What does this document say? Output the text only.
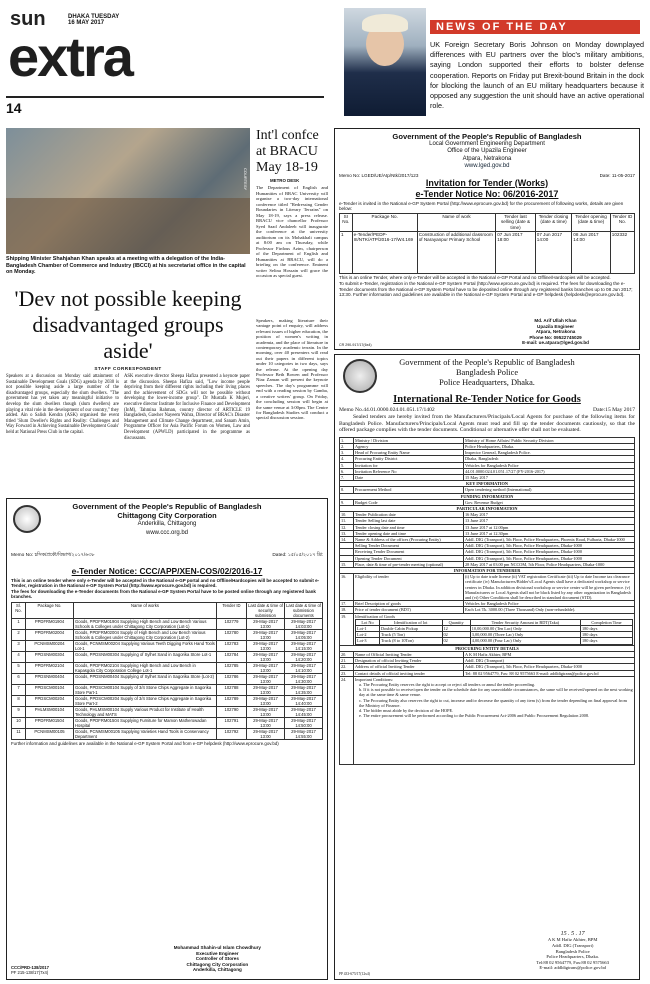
sun
extra
DHAKA TUESDAY
16 MAY 2017
14
NEWS OF THE DAY
UK Foreign Secretary Boris Johnson on Monday downplayed differences with EU partners over the bloc's military ambitions, saying London supported their efforts to bolster defense cooperation. Reports on Friday put Brexit-bound Britain in the dock for blocking the launch of an EU military headquarters because it opposed any suggestion the unit should have an active operational role.
COURTESY
Shipping Minister Shahjahan Khan speaks at a meeting with a delegation of the India-Bangladesh Chamber of Commerce and Industry (IBCCI) at his secretariat office in the capital on Monday.
'Dev not possible keeping disadvantaged groups aside'
STAFF CORRESPONDENT
Speakers at a discussion on Monday said attainment of Sustainable Development Goals (SDG) agenda by 2030 is not possible keeping aside a large number of the disadvantaged groups, especially the slum dwellers. "The government has yet taken any meaningful initiative to develop the slum dwellers though (slum dwellers) are playing a vital role in the development of our country," they added. Ain o Salish Kendra (ASK) organised the event titled 'Slum Dweller's Rights and Reality: Challenges and Way Forward in Achieving Sustainable Development Goals' held at National Press Club in the capital.
ASK executive director Sheepa Hafiza presented a keynote paper at the discussion. Sheepa Hafiza said, "Low income people depriving from their different rights including their living places and the achievement of SDGs will not be possible without developing the lower-income group". Dr Mustafa K Mujeri, executive director Institute for Inclusive Finance and Development (InM), Tahmina Rahman, country director of ARTICLE 19 Bangladesh, Gawher Nayeem Wahra, Director of BRAC's Disaster Management and Climate Change department, and Sanam Amin, Programme Officer for Asia Pacific Forum on Women, Law and Development (APWLD) participated in the programme as discussants.
Int'l confce
at BRACU
May 18-19
METRO DESK
The Department of English and Humanities of BRAC University will organise a two-day international conference titled "Redressing Gender Boundaries in Literary Terrains" on May 18-19, says a press release. BRACU vice chancellor Professor Syed Saad Andaleeb will inaugurate the conference at the university auditorium on its Mohakhali campus at 8:00 am on Thursday, while Professor Firdous Azim, chairperson of the Department of English and Humanities at BRACU, will do a briefing on the conference. Eminent writer Selina Hossain will grace the occasion as special guest.
Speakers, making literature their vantage point of enquiry, will address relevant issues of higher education, the position of women's writing in academia, and the place of literature in contemporary academic terrain. In the morning, over 40 presenters will read out their papers in different topics under 10 categories in two days, says the release. At the opening day Professor Beth Bowen and Professor Niaz Zaman will present the keynote speeches. The day's programme will end with a reading session by Gamba, a creative writers' group. On Friday, the concluding session will begin at the same venue at 3:00pm. The Centre for Bangladesh Studies will conduct a special discussion session.
Government of the People's Republic of Bangladesh
Local Government Engineering Department
Office of the Upazila Engineer
Atpara, Netrakona
www.lged.gov.bd
Memo No: LGED/UE/Atp/Ntk/2017/123	Date: 11-05-2017
Invitation for Tender (Works)
e-Tender Notice No: 06/2016-2017
e-Tender is invited in the National e-GP System Portal (http://www.eprocure.gov.bd) for the procurement of following works, details are given below:
SI No.	Package No.	Name of work	Tender last selling (date & time)	Tender closing (date & time)	Tender opening (date & time)	Tender ID No.
1	e-Tender/PEDP-III/NTK/ATP/2016-17/W4.169	Construction of additional classroom of Narayanpur Primary School	07 Jun 2017 18:00	07 Jun 2017 14:00	08 Jun 2017 14:00	102332
This is an online Tender, where only e-Tender will be accepted in the National e-GP Portal and no Offline/Hardcopies will be accepted.
To submit e-Tender, registration in the National e-GP System Portal (http://www.eprocure.gov.bd) is required. The fees for downloading the e-Tender documents from the National e-GP System Portal have to be deposited online through any registered banks branches up to 08 Jun 2017; 13:30. Further information and guidelines are available in the National e-GP System Portal and e-GP helpdesk (helpdesk@eprocure.gov.bd).
Md. Arif Ullah Khan
Upazila Engineer
Atpara, Netrakona
Phone No: 09522745029
E-mail: ue.atpara@lged.gov.bd
CR 290-917/17(6x4)
Government of the People's Republic of Bangladesh
Bangladesh Police
Police Headquarters, Dhaka.
International Re-Tender Notice for Goods
Memo No.44.01.0000.024.01.051.17/1402	Date:15 May 2017
Sealed tenders are hereby invited from the Manufacturers/Principals/Local Agents for purchase of the following items for Bangladesh Police. Manufacturers/Principals/Local Agents must read and fill up the tender documents cautiously, so that the offered package complies with the tender documents. Conditional or alternative offer shall not be evaluated.
1.	Ministry / Division	Ministry of Home Affairs/ Public Security Division
2.	Agency	Police Headquarters, Dhaka.
3.	Head of Procuring Entity Name	Inspector General, Bangladesh Police.
4.	Procuring Entity District	Dhaka, Bangladesh
5.	Invitation for	Vehicles for Bangladesh Police
6.	Invitation Reference No	44.01.0000.024.01.051.17/27 (FY-2016-2017)
7.	Date	15 May 2017
KEY INFORMATION
8.	Procurement Method	Open tendering method (International)
FUNDING INFORMATION
9.	Budget Code	Gov. Revenue Budget
PARTICULAR INFORMATION
10.	Tender Publication date	16 May 2017
11.	Tender Selling last date	13 June 2017
12.	Tender closing date and time	13 June 2017 at 12.00pm
13.	Tender opening date and time	13 June 2017 at 12.30pm
14.	Name & Address of the offices (Procuring Entity)	Addl. DIG (Transport), 5th Floor, Police Headquarters, Phoenix Road, Fulbaria, Dhaka-1000
	Selling Tender Document	Addl. DIG (Transport), 5th Floor, Police Headquarters, Dhaka-1000
	Receiving Tender Document	Addl. DIG (Transport), 5th Floor, Police Headquarters, Dhaka-1000
	Opening Tender Document	Addl. DIG (Transport), 5th Floor, Police Headquarters, Dhaka-1000
15.	Place, date & time of pre-tender meeting (optional)	28 May 2017 at 03.00 pm NCCOM, 5th Floor, Police Headquarters, Dhaka-1000
INFORMATION FOR TENDERER
16.	Eligibility of tender	(i) Up to date trade license (ii) VAT registration Certificate (iii) Up to date Income tax clearance certificate (iv) Manufacturers/Bidder's/Local Agents shall have a dedicated workshop or service centers in Dhaka. In addition divisional workshop or service center will be given preference. (v) Manufacturers or Local Agents shall not be black listed by any other organization in Bangladesh and (vi) Other Conditions shall be described in standard document (STD).
17.	Brief Description of goods	Vehicles for Bangladesh Police
18.	Price of tender document (BDT)	Each Lot Tk. 3000.00 (Three Thousand) Only (non-refundable).
19.	Identification of Goods
Lot No	Identification of lot	Quantity	Tender Security Amount in BDT(Taka)	Completion Time
Lot-1	Double Cabin Pickup	12	10,00,000.00 (Ten Lac) Only	180 days
Lot-2	Truck (5 Ton)	02	3,00,000.00 (Three Lac) Only	180 days
Lot-3	Truck (8 to 10Ton)	02	4,00,000.00 (Four Lac) Only	180 days

PROCURING ENTITY DETAILS
20.	Name of Official Inviting Tender	A K M Hafiz Akhter, BPM
21.	Designation of official Inviting Tender	Addl. DIG (Transport)
22.	Address of official Inviting Tender	Addl. DIG (Transport), 5th Floor, Police Headquarters, Dhaka-1000
23.	Contact details of official inviting tender	Tel: 88 02 9564779, Fax: 88 02 9575663 E-mail: addldigtrans@police.gov.bd
24.	Important Conditions:
a. The Procuring Entity reserves the right to accept or reject all tenders or annul the tender proceeding.
b. If it is not possible to receive/open the tender on the schedule date for any unavoidable circumstances, the same will be received/opened on the next working day at the same time & same venue.
c. The Procuring Entity also reserves the right to cut, increase and/or decrease the quantity of any item (s) from the tender depending on final approval from the Ministry of Finance.
d. The bidder must abide by the decision of the HOPE.
e. The entire procurement will be performed according to the Public Procurement Act-2006 and Public Procurement Regulation 2008.
15 . 5 . 17
A K M Hafiz Akhter, BPM
Addl. DIG (Transport)
Bangladesh Police
Police Headquarters, Dhaka.
Tel:88 02 9564779, Fax:88 02 9575663
E-mail: addldigtrans@police.gov.bd
PP 433-675/17(12x4)
Government of the People's Republic of Bangladesh
Chittagong City Corporation
Anderkilla, Chittagong
www.ccc.org.bd
Memo No: চসিক/প্রকৌ/বিভাগ/২০১৭/৬৩৮	Dated: ১৫/০৫/২০১৭ খ্রি:
e-Tender Notice: CCC/APP/XEN-COS/02/2016-17
This is an online tender where only e-Tender will be accepted in the National e-GP portal and no Offline/Hardcopies will be accepted to submit e-Tender, registration in the National e-GP System Portal (http://www.eprocure.gov.bd) is required.
The fees for downloading the e-Tender documents from the National e-GP System Portal have to be posted online through any registered bank branches.
Sl. No.	Package No.	Name of works	Tender ID	Last date & time of security submission	Last date & time of submission documents
1	PPDFRM01904	Goods, PPDFRM01904 Supplying High Bench and Low Bench Various Schools & Colleges under Chittagong City Corporation (Lot-1)	102779	29-May-2017 13:00	29-May-2017 14:03:00
2	PPDFRM02004	Goods, PPDFRM02004 Supply of High Bench and Low Bench Various Schools & Colleges under Chittagong City Corporation (Lot-2)	102780	29-May-2017 13:00	29-May-2017 14:05:00
3	PCNMSM00204	Goods, PCNMSM00204 Supplying Various Teeth Digging Forks Hand Tools Lot-1	102783	29-May-2017 13:00	29-May-2017 14:15:00
4	PPDSNM00304	Goods, PPDSNM00304 Supplying of Sylhet Sand in Sagorika Store Lot-1	102784	29-May-2017 13:00	29-May-2017 14:20:00
5	PPDFRM02104	Goods, PPDFRM02104 Supplying High Bench and Low Bench in Kapasgola City Corporation College Lot-1	102785	29-May-2017 13:00	29-May-2017 14:10:00
6	PPDSNM00404	Goods, PPDSNM00404 Supplying of Sylhet Sand in Sagorika Store (Lot-2)	102786	29-May-2017 13:00	29-May-2017 14:30:00
7	PPDSCM00104	Goods, PPDSCM00104 Supply of 3/4 Stone Chips Aggregate in Sagorika Store Part-1	102788	29-May-2017 13:00	29-May-2017 14:35:00
8	PPDSCM00204	Goods, PPDSCM00204 Supply of 3/4 Stone Chips Aggregate in Sagorika Store Part-2	102789	29-May-2017 13:00	29-May-2017 14:40:00
9	PHLMSM00104	Goods, PHLMSM00104 Supply Various Product for Institute of Health Technology and MATS	102790	29-May-2017 13:00	29-May-2017 14:45:00
10	PPDFRM01504	Goods, PPDFRM01504 Supplying Furniture for Mamon Matherowadan Hospital	102791	29-May-2017 13:00	29-May-2017 14:50:00
11	PCNMSM00105	Goods, PCNMSM00105 Supplying Varieties Hand Tools in Conservancy Department	102792	29-May-2017 13:00	29-May-2017 14:55:00
Further information and guidelines are available in the National e-GP System Portal and from e-GP helpdesk (http://www.eprocure.gov.bd)
Mohammad Shahin-ul Islam Chowdhury
Executive Engineer
Controller of Stores
Chittagong City Corporation
Anderkilla, Chittagong
CCC/PRD-138/2017
PF 215-138/17(7x4)
